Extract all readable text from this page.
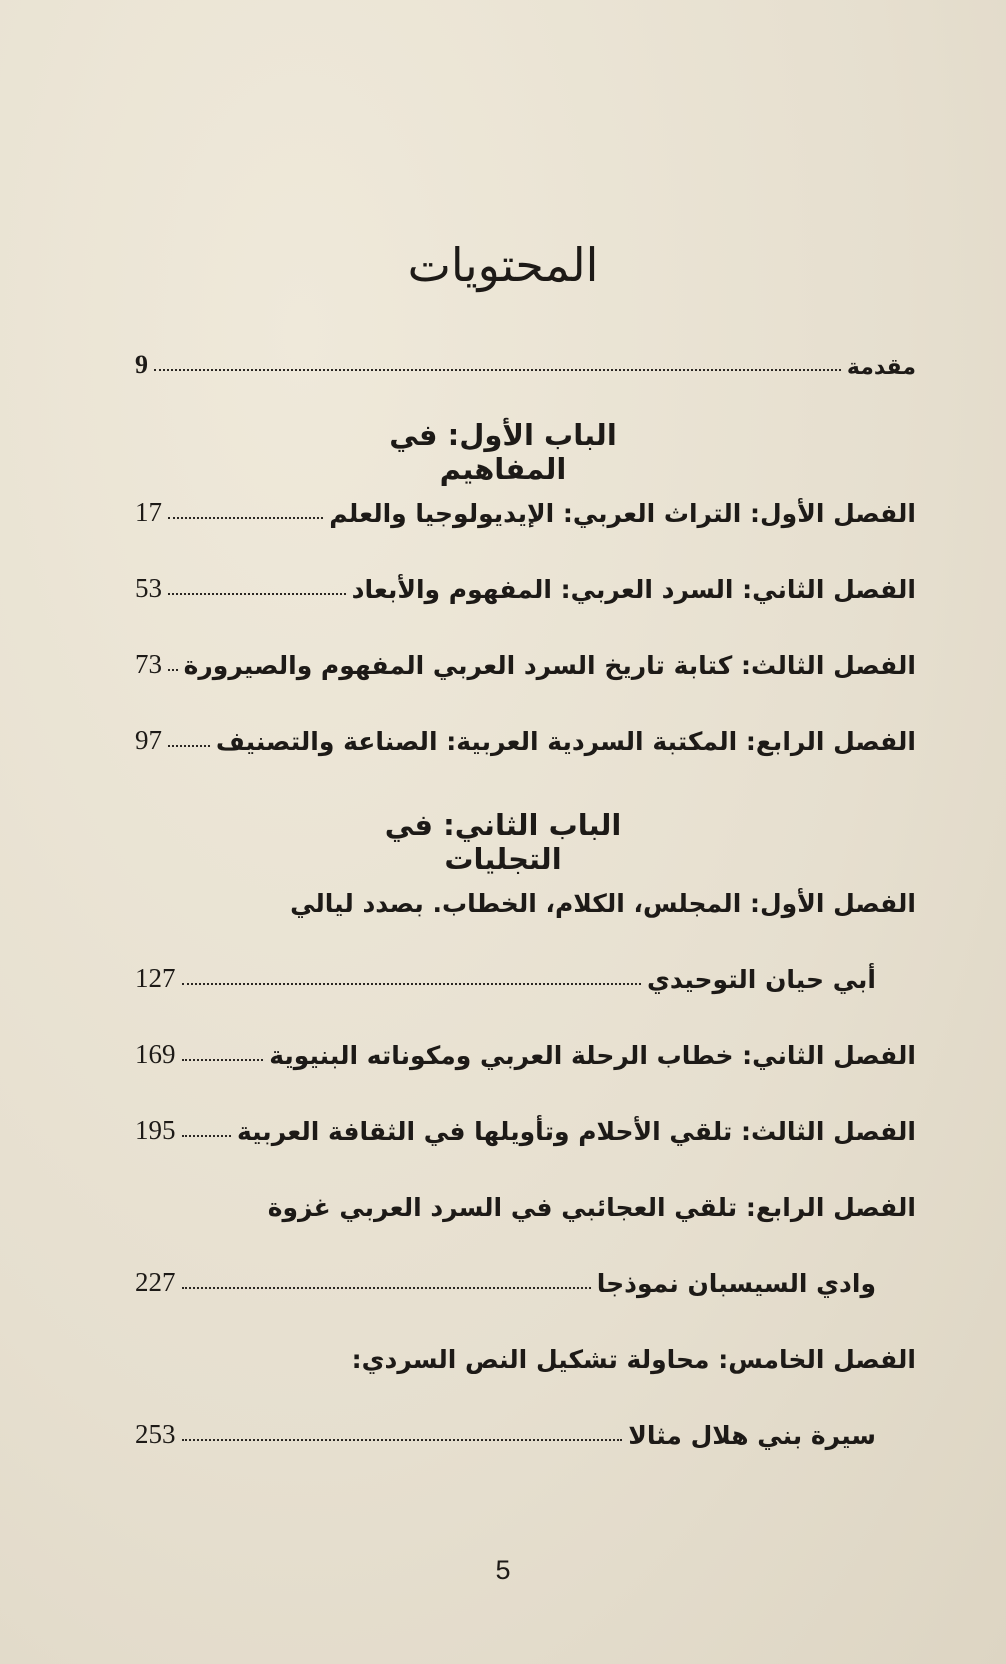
المحتويات
مقدمة
9
الباب الأول: في المفاهيم
الفصل الأول: التراث العربي: الإيديولوجيا والعلم
17
الفصل الثاني: السرد العربي: المفهوم والأبعاد
53
الفصل الثالث: كتابة تاريخ السرد العربي المفهوم والصيرورة
73
الفصل الرابع: المكتبة السردية العربية: الصناعة والتصنيف
97
الباب الثاني: في التجليات
الفصل الأول: المجلس، الكلام، الخطاب. بصدد ليالي
أبي حيان التوحيدي
127
الفصل الثاني: خطاب الرحلة العربي ومكوناته البنيوية
169
الفصل الثالث: تلقي الأحلام وتأويلها في الثقافة العربية
195
الفصل الرابع: تلقي العجائبي في السرد العربي غزوة
وادي السيسبان نموذجا
227
الفصل الخامس: محاولة تشكيل النص السردي:
سيرة بني هلال مثالا
253
5
